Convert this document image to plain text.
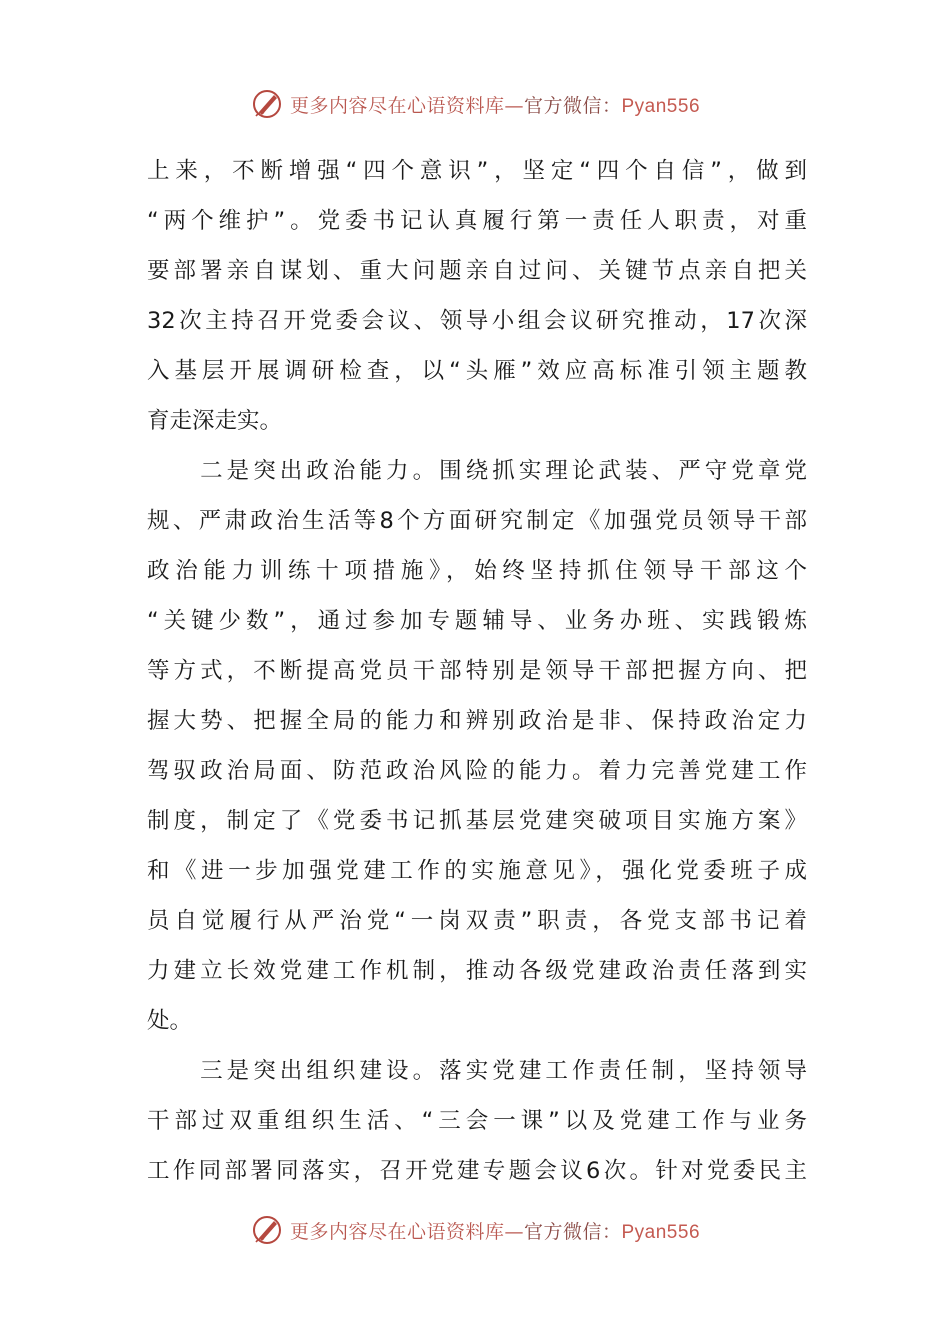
更多内容尽在心语资料库—官方微信：Pyan556
上来，不断增强“四个意识”，坚定“四个自信”，做到
“两个维护”。党委书记认真履行第一责任人职责，对重
要部署亲自谋划、重大问题亲自过问、关键节点亲自把关
32次主持召开党委会议、领导小组会议研究推动，17次深
入基层开展调研检查，以“头雁”效应高标准引领主题教
育走深走实。
　　二是突出政治能力。围绕抓实理论武装、严守党章党
规、严肃政治生活等8个方面研究制定《加强党员领导干部
政治能力训练十项措施》，始终坚持抓住领导干部这个
“关键少数”，通过参加专题辅导、业务办班、实践锻炼
等方式，不断提高党员干部特别是领导干部把握方向、把
握大势、把握全局的能力和辨别政治是非、保持政治定力
驾驭政治局面、防范政治风险的能力。着力完善党建工作
制度，制定了《党委书记抓基层党建突破项目实施方案》
和《进一步加强党建工作的实施意见》，强化党委班子成
员自觉履行从严治党“一岗双责”职责，各党支部书记着
力建立长效党建工作机制，推动各级党建政治责任落到实
处。
　　三是突出组织建设。落实党建工作责任制，坚持领导
干部过双重组织生活、“三会一课”以及党建工作与业务
工作同部署同落实，召开党建专题会议6次。针对党委民主
更多内容尽在心语资料库—官方微信：Pyan556
